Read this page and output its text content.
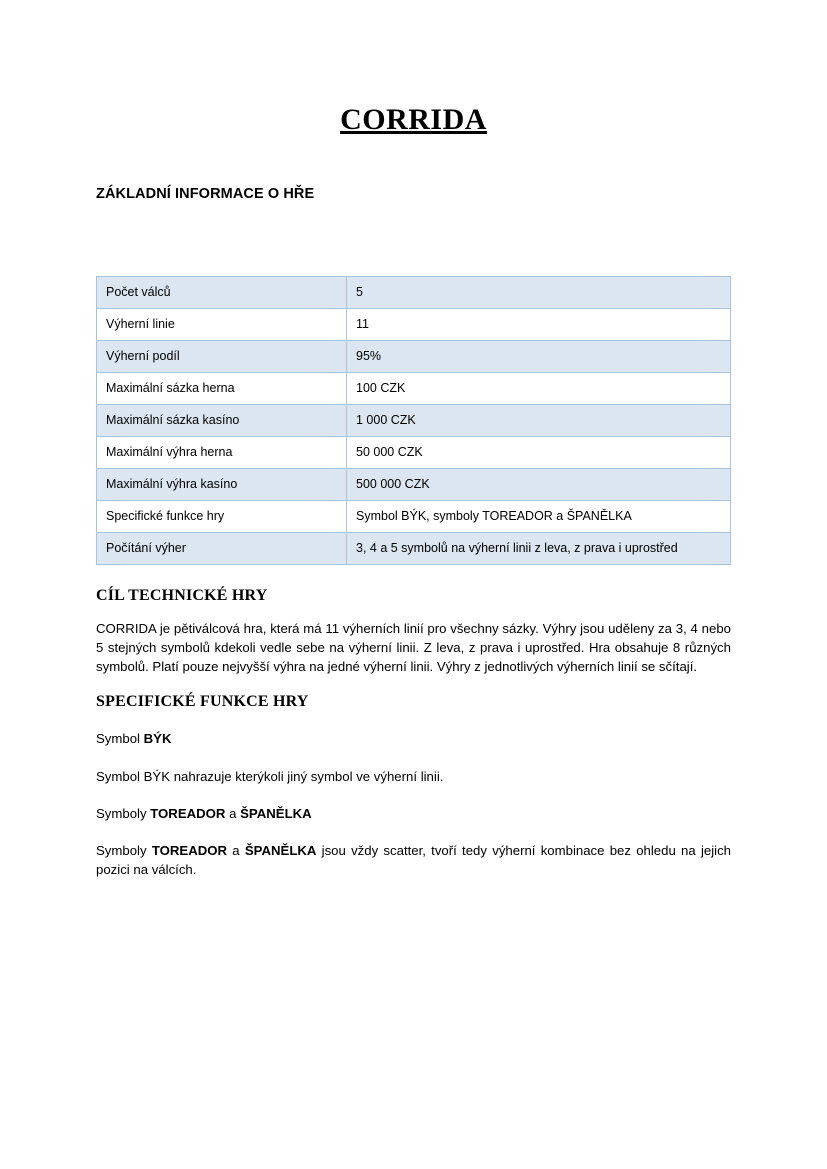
CORRIDA
ZÁKLADNÍ INFORMACE O HŘE
Počet válců	5
Výherní linie	11
Výherní podíl	95%
Maximální sázka herna	100 CZK
Maximální sázka kasíno	1 000 CZK
Maximální výhra herna	50 000 CZK
Maximální výhra kasíno	500 000 CZK
Specifické funkce hry	Symbol BÝK, symboly TOREADOR a ŠPANĚLKA
Počítání výher	3, 4 a 5 symbolů na výherní linii z leva, z prava i uprostřed
CÍL TECHNICKÉ HRY

CORRIDA je pětiválcová hra, která má 11 výherních linií pro všechny sázky. Výhry jsou uděleny za 3, 4 nebo 5 stejných symbolů kdekoli vedle sebe na výherní linii. Z leva, z prava i uprostřed. Hra obsahuje 8 různých symbolů. Platí pouze nejvyšší výhra na jedné výherní linii. Výhry z jednotlivých výherních linií se sčítají.

SPECIFICKÉ FUNKCE HRY

Symbol BÝK

Symbol BÝK nahrazuje kterýkoli jiný symbol ve výherní linii.

Symboly TOREADOR a ŠPANĚLKA

Symboly TOREADOR a ŠPANĚLKA jsou vždy scatter, tvoří tedy výherní kombinace bez ohledu na jejich pozici na válcích.
